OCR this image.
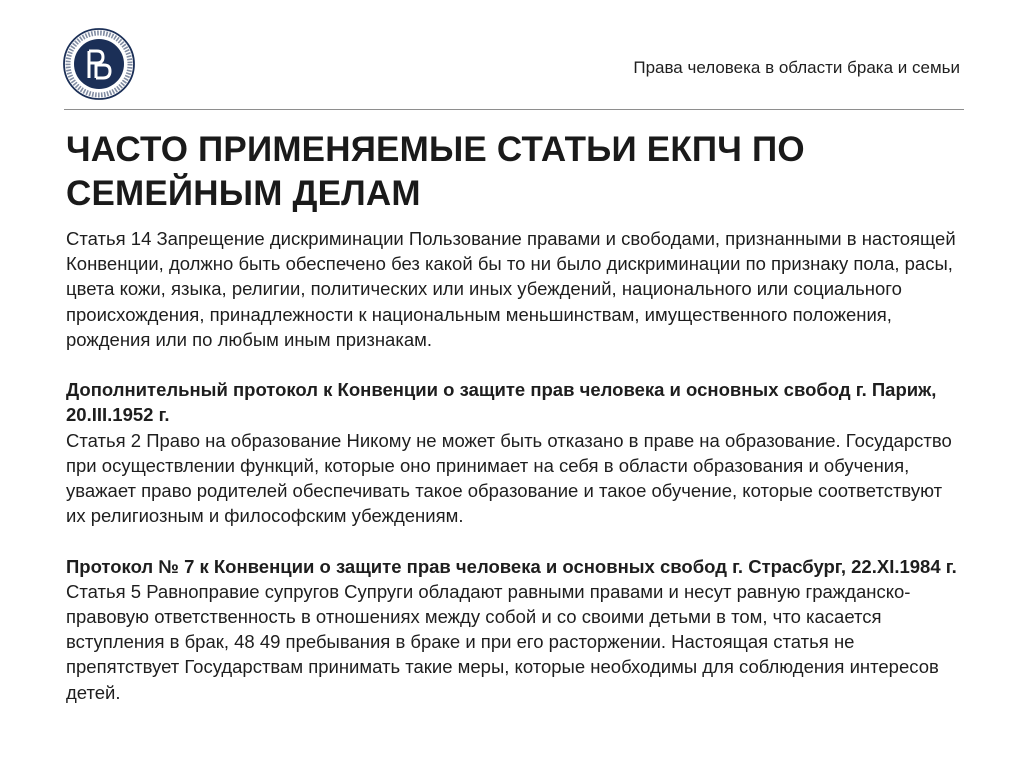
Права человека в области брака и семьи
ЧАСТО ПРИМЕНЯЕМЫЕ СТАТЬИ ЕКПЧ ПО
СЕМЕЙНЫМ ДЕЛАМ

Статья 14 Запрещение дискриминации Пользование правами и свободами, признанными в настоящей Конвенции, должно быть обеспечено без какой бы то ни было дискриминации по признаку пола, расы, цвета кожи, языка, религии, политических или иных убеждений, национального или социального происхождения, принадлежности к национальным меньшинствам, имущественного положения, рождения или по любым иным признакам.

Дополнительный протокол к Конвенции о защите прав человека и основных свобод г. Париж, 20.III.1952 г.

Статья 2 Право на образование Никому не может быть отказано в праве на образование. Государство при осуществлении функций, которые оно принимает на себя в области образования и обучения, уважает право родителей обеспечивать такое образование и такое обучение, которые соответствуют их религиозным и философским убеждениям.

Протокол № 7 к Конвенции о защите прав человека и основных свобод г. Страсбург, 22.XI.1984 г.

Статья 5 Равноправие супругов Супруги обладают равными правами и несут равную гражданско-правовую ответственность в отношениях между собой и со своими детьми в том, что касается вступления в брак, 48 49 пребывания в браке и при его расторжении. Настоящая статья не препятствует Государствам принимать такие меры, которые необходимы для соблюдения интересов детей.
